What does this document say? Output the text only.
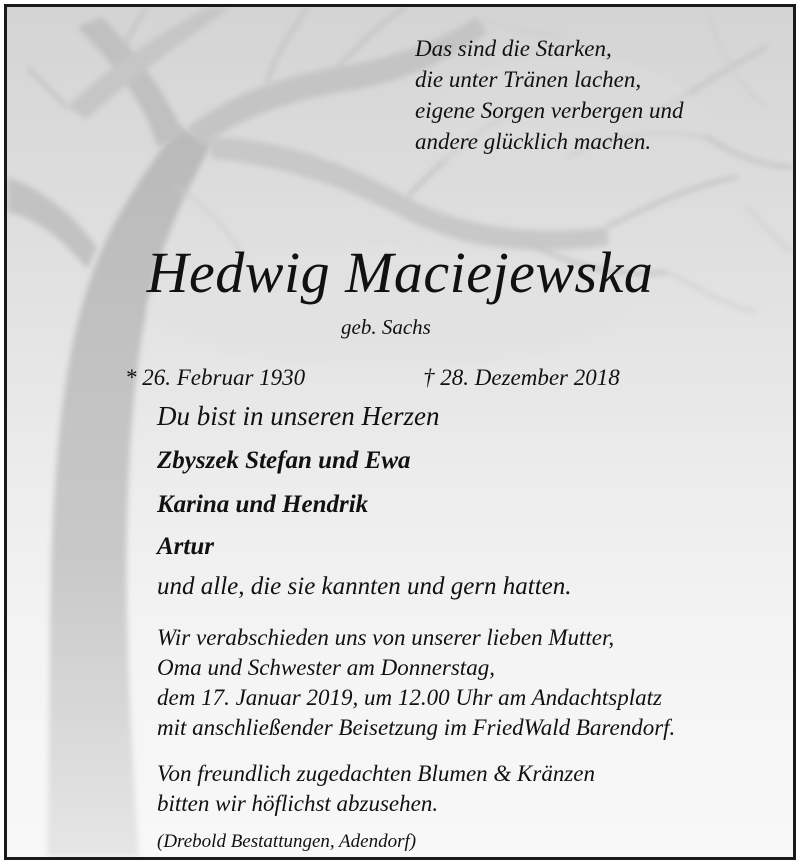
Das sind die Starken,
die unter Tränen lachen,
eigene Sorgen verbergen und
andere glücklich machen.
Hedwig Maciejewska
geb. Sachs
* 26. Februar 1930	† 28. Dezember 2018
Du bist in unseren Herzen
Zbyszek Stefan und Ewa
Karina und Hendrik
Artur
und alle, die sie kannten und gern hatten.
Wir verabschieden uns von unserer lieben Mutter,
Oma und Schwester am Donnerstag,
dem 17. Januar 2019, um 12.00 Uhr am Andachtsplatz
mit anschließender Beisetzung im FriedWald Barendorf.
Von freundlich zugedachten Blumen & Kränzen
bitten wir höflichst abzusehen.
(Drebold Bestattungen, Adendorf)
